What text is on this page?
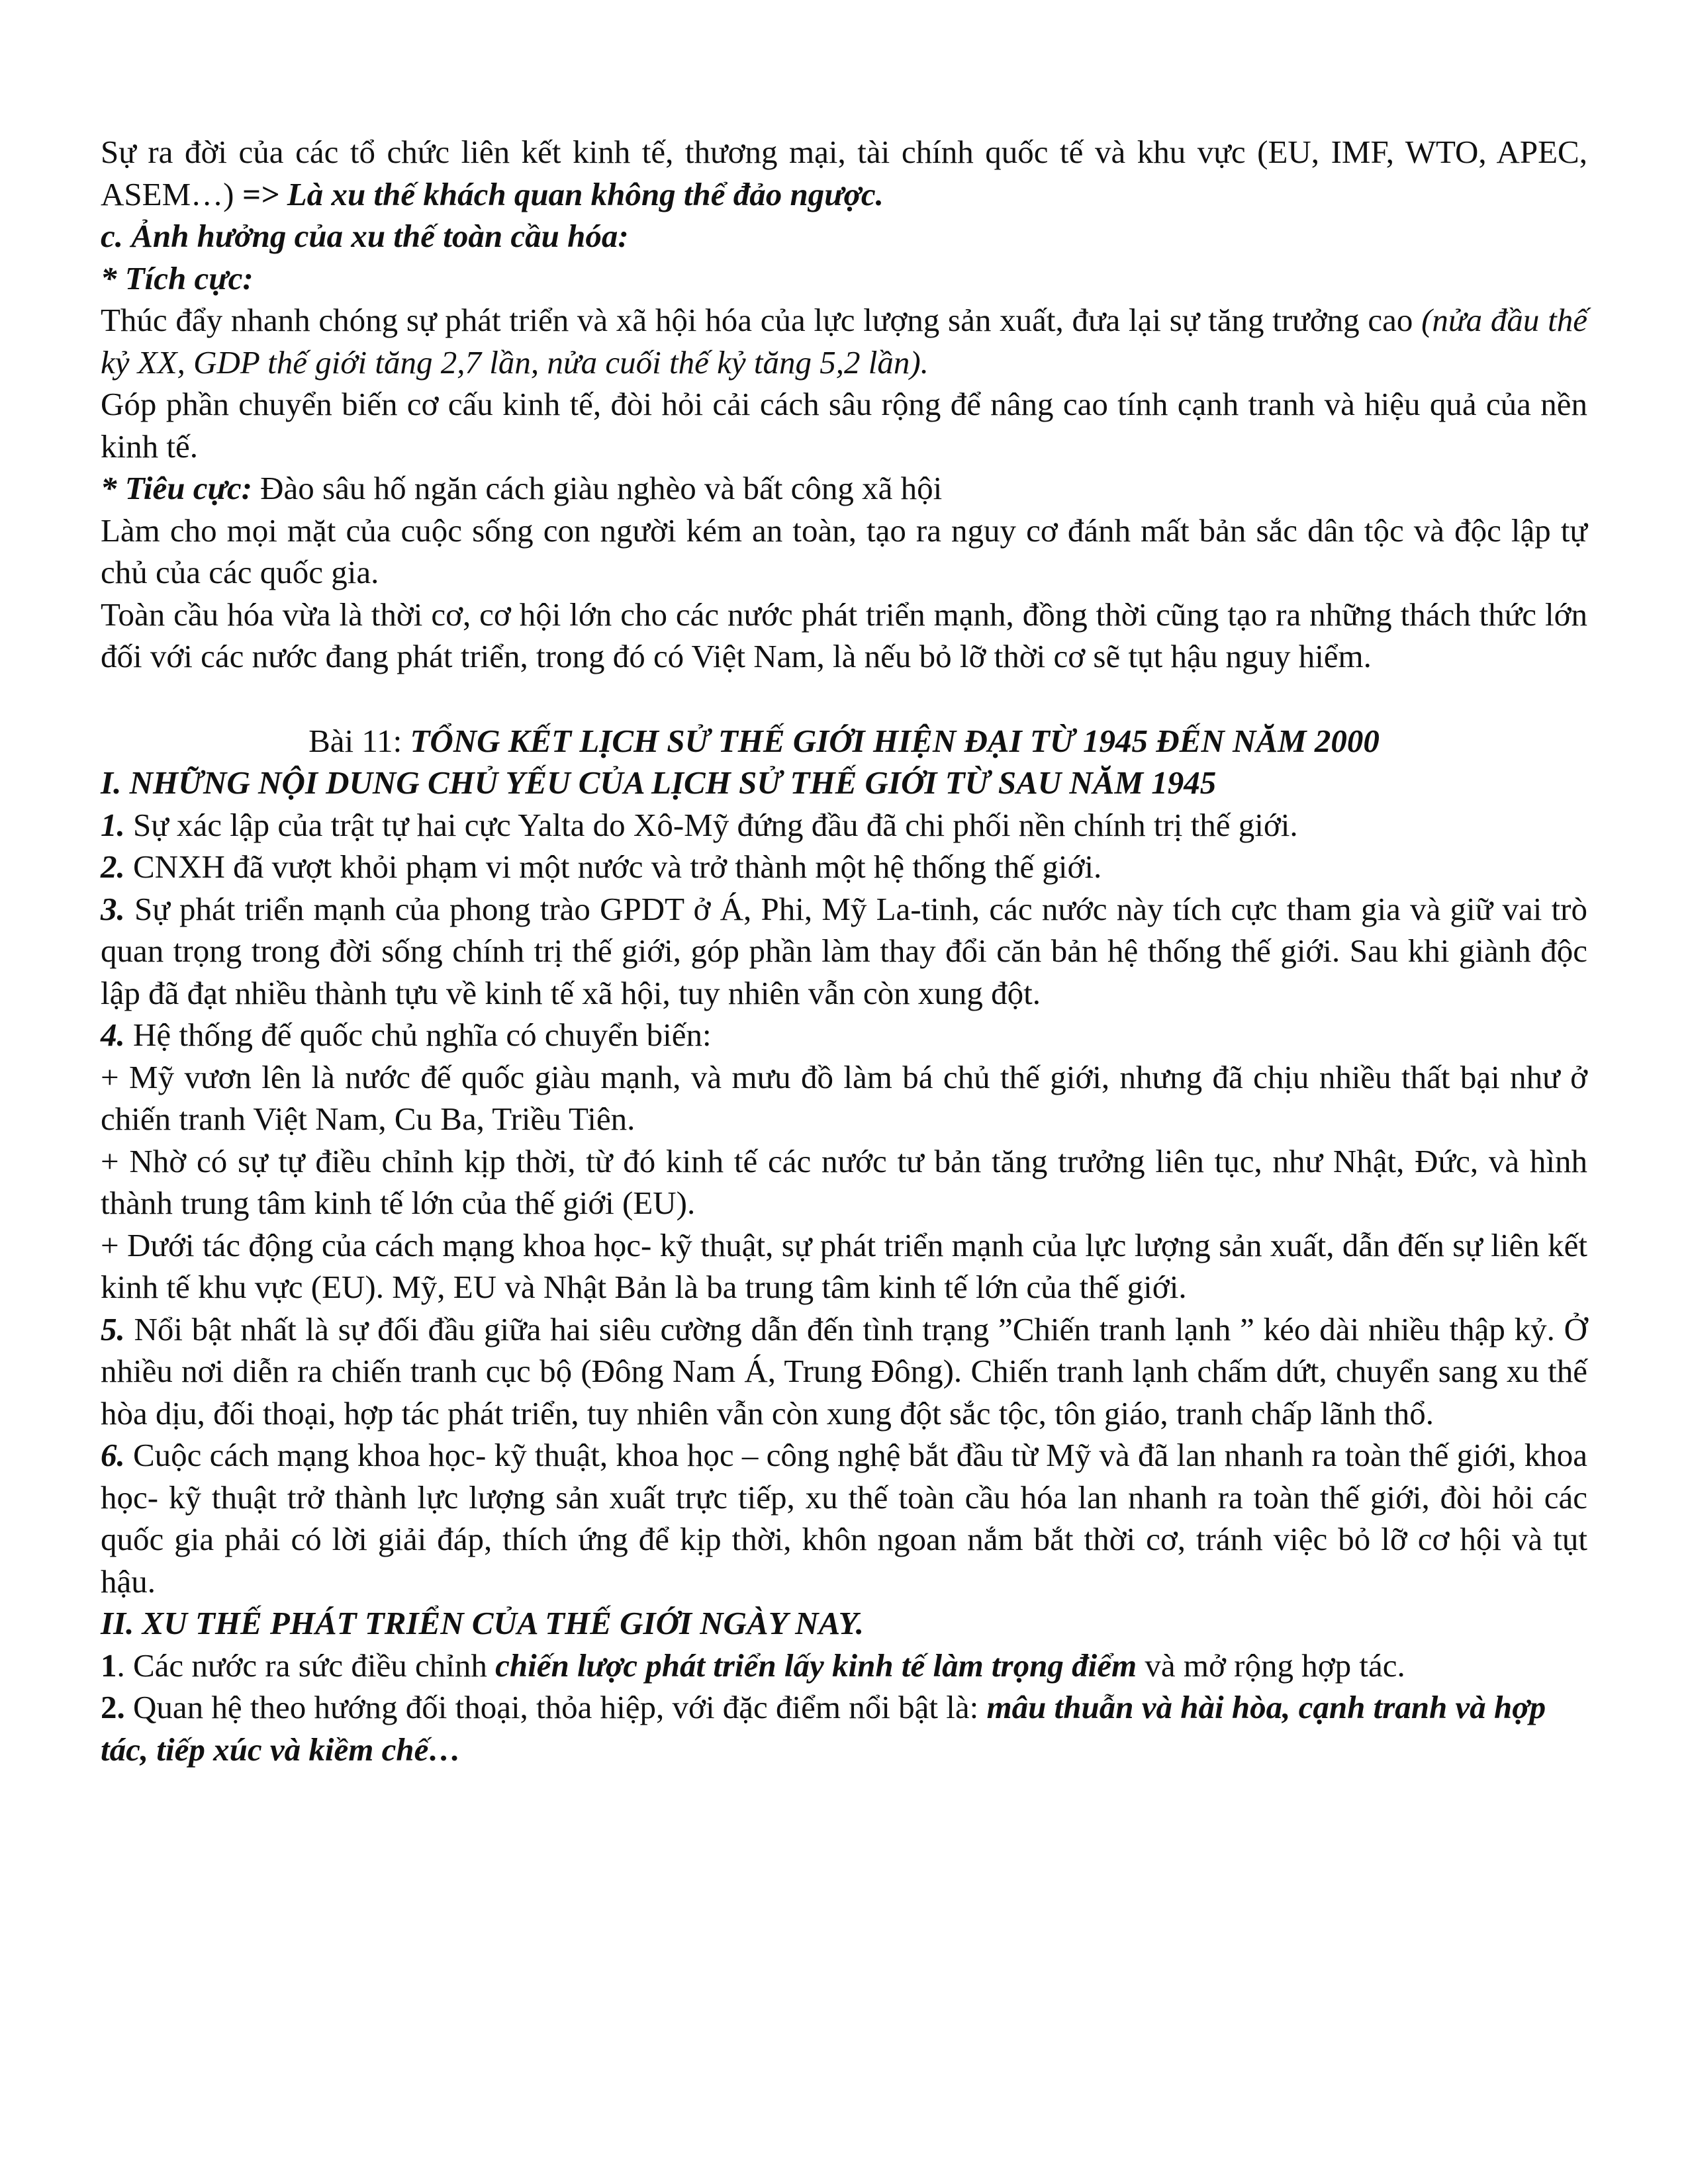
Sự ra đời của các tổ chức liên kết kinh tế, thương mại, tài chính quốc tế và khu vực (EU, IMF, WTO, APEC, ASEM…) => Là xu thế khách quan không thể đảo ngược.

c. Ảnh hưởng của xu thế toàn cầu hóa:

* Tích cực:

Thúc đẩy nhanh chóng sự phát triển và xã hội hóa của lực lượng sản xuất, đưa lại sự tăng trưởng cao (nửa đầu thế kỷ XX, GDP thế giới tăng 2,7 lần, nửa cuối thế kỷ tăng 5,2 lần).

Góp phần chuyển biến cơ cấu kinh tế, đòi hỏi cải cách sâu rộng để nâng cao tính cạnh tranh và hiệu quả của nền kinh tế.

* Tiêu cực: Đào sâu hố ngăn cách giàu nghèo và bất công xã hội

Làm cho mọi mặt của cuộc sống con người kém an toàn, tạo ra nguy cơ đánh mất bản sắc dân tộc và độc lập tự chủ của các quốc gia.

Toàn cầu hóa vừa là thời cơ, cơ hội lớn cho các nước phát triển mạnh, đồng thời cũng tạo ra những thách thức lớn đối với các nước đang phát triển, trong đó có Việt Nam, là nếu bỏ lỡ thời cơ sẽ tụt hậu nguy hiểm.

Bài 11: TỔNG KẾT LỊCH SỬ THẾ GIỚI HIỆN ĐẠI TỪ 1945 ĐẾN NĂM 2000

I. NHỮNG NỘI DUNG CHỦ YẾU CỦA LỊCH SỬ THẾ GIỚI TỪ SAU NĂM 1945

1. Sự xác lập của trật tự hai cực Yalta do Xô-Mỹ đứng đầu đã chi phối nền chính trị thế giới.

2. CNXH đã vượt khỏi phạm vi một nước và trở thành một hệ thống thế giới.

3. Sự phát triển mạnh của phong trào GPDT ở Á, Phi, Mỹ La-tinh, các nước này tích cực tham gia và giữ vai trò quan trọng trong đời sống chính trị thế giới, góp phần làm thay đổi căn bản hệ thống thế giới. Sau khi giành độc lập đã đạt nhiều thành tựu về kinh tế xã hội, tuy nhiên vẫn còn xung đột.

4. Hệ thống đế quốc chủ nghĩa có chuyển biến:

+ Mỹ vươn lên là nước đế quốc giàu mạnh, và mưu đồ làm bá chủ thế giới, nhưng đã chịu nhiều thất bại như ở chiến tranh Việt Nam, Cu Ba, Triều Tiên.

+ Nhờ có sự tự điều chỉnh kịp thời, từ đó kinh tế các nước tư bản tăng trưởng liên tục, như Nhật, Đức, và hình thành trung tâm kinh tế lớn của thế giới (EU).

+ Dưới tác động của cách mạng khoa học- kỹ thuật, sự phát triển mạnh của lực lượng sản xuất, dẫn đến sự liên kết kinh tế khu vực (EU). Mỹ, EU và Nhật Bản là ba trung tâm kinh tế lớn của thế giới.

5. Nổi bật nhất là sự đối đầu giữa hai siêu cường dẫn đến tình trạng ”Chiến tranh lạnh ” kéo dài nhiều thập kỷ. Ở nhiều nơi diễn ra chiến tranh cục bộ (Đông Nam Á, Trung Đông). Chiến tranh lạnh chấm dứt, chuyển sang xu thế hòa dịu, đối thoại, hợp tác phát triển, tuy nhiên vẫn còn xung đột sắc tộc, tôn giáo, tranh chấp lãnh thổ.

6. Cuộc cách mạng khoa học- kỹ thuật, khoa học – công nghệ bắt đầu từ Mỹ và đã lan nhanh ra toàn thế giới, khoa học- kỹ thuật trở thành lực lượng sản xuất trực tiếp, xu thế toàn cầu hóa lan nhanh ra toàn thế giới, đòi hỏi các quốc gia phải có lời giải đáp, thích ứng để kịp thời, khôn ngoan nắm bắt thời cơ, tránh việc bỏ lỡ cơ hội và tụt hậu.

II. XU THẾ PHÁT TRIỂN CỦA THẾ GIỚI NGÀY NAY.

1. Các nước ra sức điều chỉnh chiến lược phát triển lấy kinh tế làm trọng điểm và mở rộng hợp tác.

2. Quan hệ theo hướng đối thoại, thỏa hiệp, với đặc điểm nổi bật là: mâu thuẫn và hài hòa, cạnh tranh và hợp tác, tiếp xúc và kiềm chế…
